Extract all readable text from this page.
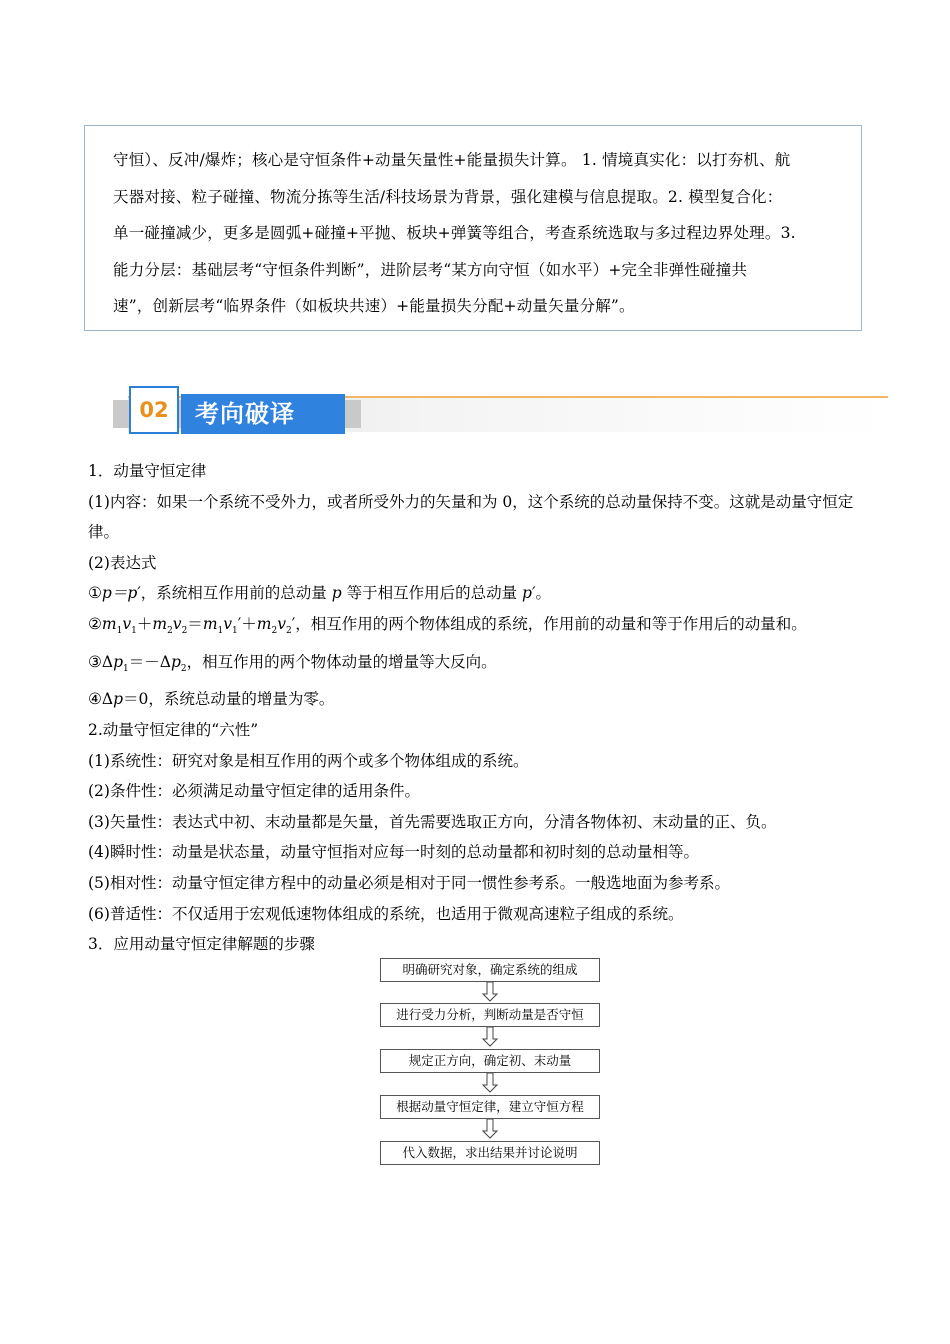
守恒）、反冲/爆炸；核心是守恒条件+动量矢量性+能量损失计算。 1. 情境真实化：以打夯机、航
天器对接、粒子碰撞、物流分拣等生活/科技场景为背景，强化建模与信息提取。2. 模型复合化：
单一碰撞减少，更多是圆弧+碰撞+平抛、板块+弹簧等组合，考查系统选取与多过程边界处理。3.
能力分层：基础层考“守恒条件判断”，进阶层考“某方向守恒（如水平）+完全非弹性碰撞共
速”，创新层考“临界条件（如板块共速）+能量损失分配+动量矢量分解”。
02	考向破译
1．动量守恒定律
(1)内容：如果一个系统不受外力，或者所受外力的矢量和为 0，这个系统的总动量保持不变。这就是动量守恒定律。
(2)表达式
①p＝p′，系统相互作用前的总动量 p 等于相互作用后的总动量 p′。
$②m_1v_1+m_2v_2=m_1v_1'+m_2v_2'$，相互作用的两个物体组成的系统，作用前的动量和等于作用后的动量和。
$③\Delta p_1=-\Delta p_2$，相互作用的两个物体动量的增量等大反向。
④Δp＝0，系统总动量的增量为零。
2.动量守恒定律的“六性”
(1)系统性：研究对象是相互作用的两个或多个物体组成的系统。
(2)条件性：必须满足动量守恒定律的适用条件。
(3)矢量性：表达式中初、末动量都是矢量，首先需要选取正方向，分清各物体初、末动量的正、负。
(4)瞬时性：动量是状态量，动量守恒指对应每一时刻的总动量都和初时刻的总动量相等。
(5)相对性：动量守恒定律方程中的动量必须是相对于同一惯性参考系。一般选地面为参考系。
(6)普适性：不仅适用于宏观低速物体组成的系统，也适用于微观高速粒子组成的系统。
3．应用动量守恒定律解题的步骤
明确研究对象，确定系统的组成
进行受力分析，判断动量是否守恒
规定正方向，确定初、末动量
根据动量守恒定律，建立守恒方程
代入数据，求出结果并讨论说明
